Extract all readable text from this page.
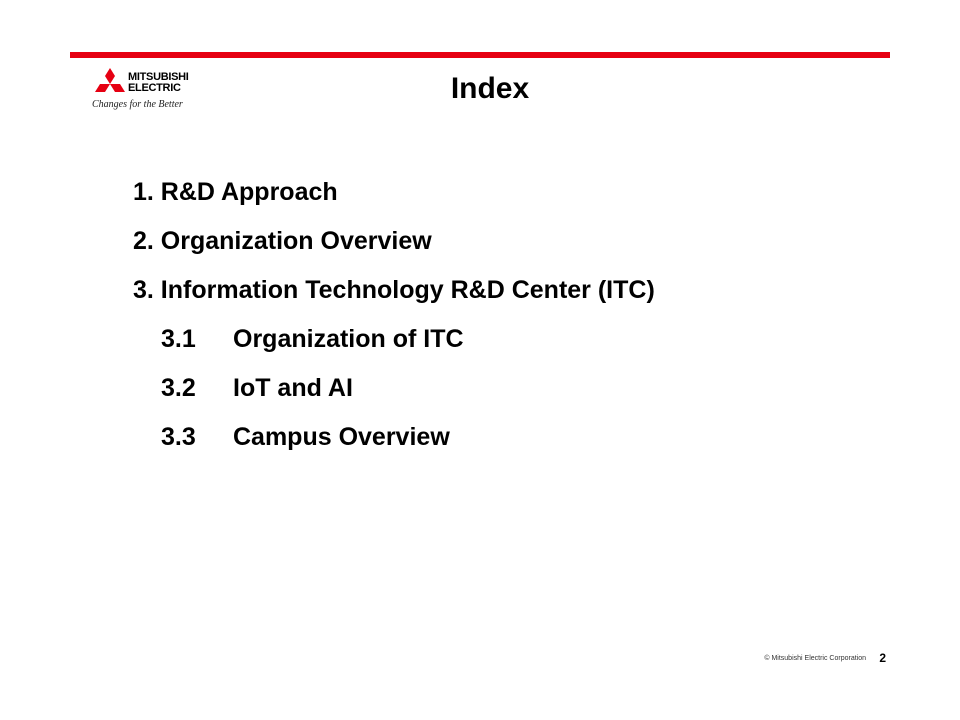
MITSUBISHI
ELECTRIC
Changes for the Better	Index
1. R&D Approach
2. Organization Overview
3. Information Technology R&D Center (ITC)
3.1 Organization of ITC
3.2 IoT and AI
3.3 Campus Overview
© Mitsubishi Electric Corporation 2
